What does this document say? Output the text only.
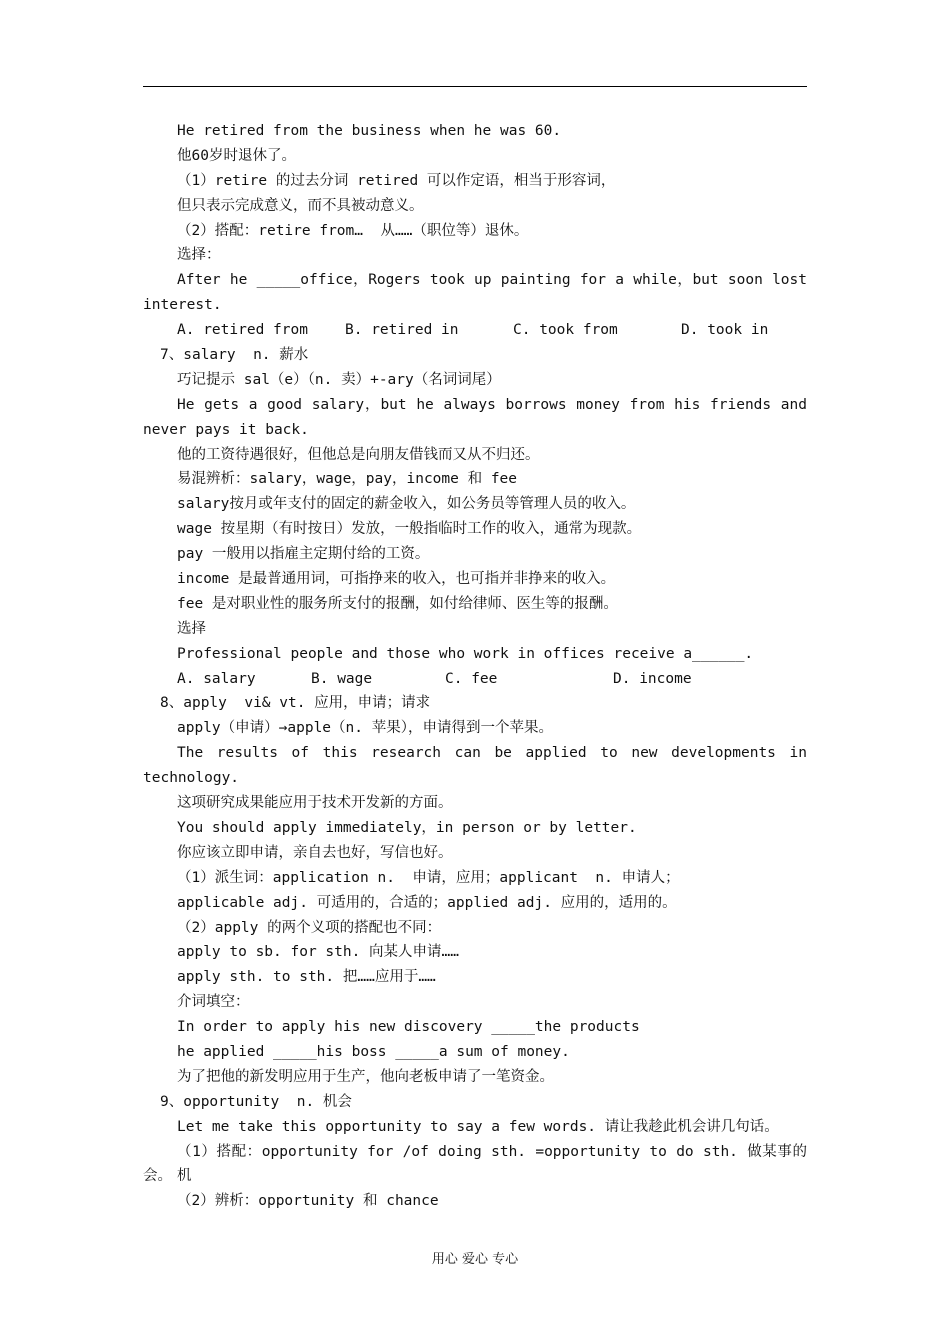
He retired from the business when he was 60.
他60岁时退休了。
（1）retire 的过去分词 retired 可以作定语，相当于形容词，
但只表示完成意义，而不具被动意义。
（2）搭配：retire from…  从……（职位等）退休。
选择：
After he _____office，Rogers took up painting for a while，but soon lost
interest.
A. retired from	B. retired in	C. took from	D. took in
7、salary  n. 薪水
巧记提示 sal（e）（n. 卖）+-ary（名词词尾）
He gets a good salary，but he always borrows money from his friends and
never pays it back.
他的工资待遇很好，但他总是向朋友借钱而又从不归还。
易混辨析：salary，wage，pay，income 和 fee
salary按月或年支付的固定的薪金收入，如公务员等管理人员的收入。
wage 按星期（有时按日）发放，一般指临时工作的收入，通常为现款。
pay 一般用以指雇主定期付给的工资。
income 是最普通用词，可指挣来的收入，也可指并非挣来的收入。
fee 是对职业性的服务所支付的报酬，如付给律师、医生等的报酬。
选择
Professional people and those who work in offices receive a______.
A. salary	B. wage	C. fee	D. income
8、apply  vi& vt. 应用，申请；请求
apply（申请）→apple（n. 苹果），申请得到一个苹果。
The results of this research can be applied to new developments in
technology.
这项研究成果能应用于技术开发新的方面。
You should apply immediately，in person or by letter.
你应该立即申请，亲自去也好，写信也好。
（1）派生词：application n.  申请，应用；applicant  n. 申请人；
applicable adj. 可适用的，合适的；applied adj. 应用的，适用的。
（2）apply 的两个义项的搭配也不同：
apply to sb. for sth. 向某人申请……
apply sth. to sth. 把……应用于……
介词填空：
In order to apply his new discovery _____the products
he applied _____his boss _____a sum of money.
为了把他的新发明应用于生产，他向老板申请了一笔资金。
9、opportunity  n. 机会
Let me take this opportunity to say a few words. 请让我趁此机会讲几句话。
（1）搭配：opportunity for /of doing sth. =opportunity to do sth. 做某事的机
会。
（2）辨析：opportunity 和 chance
用心 爱心 专心
